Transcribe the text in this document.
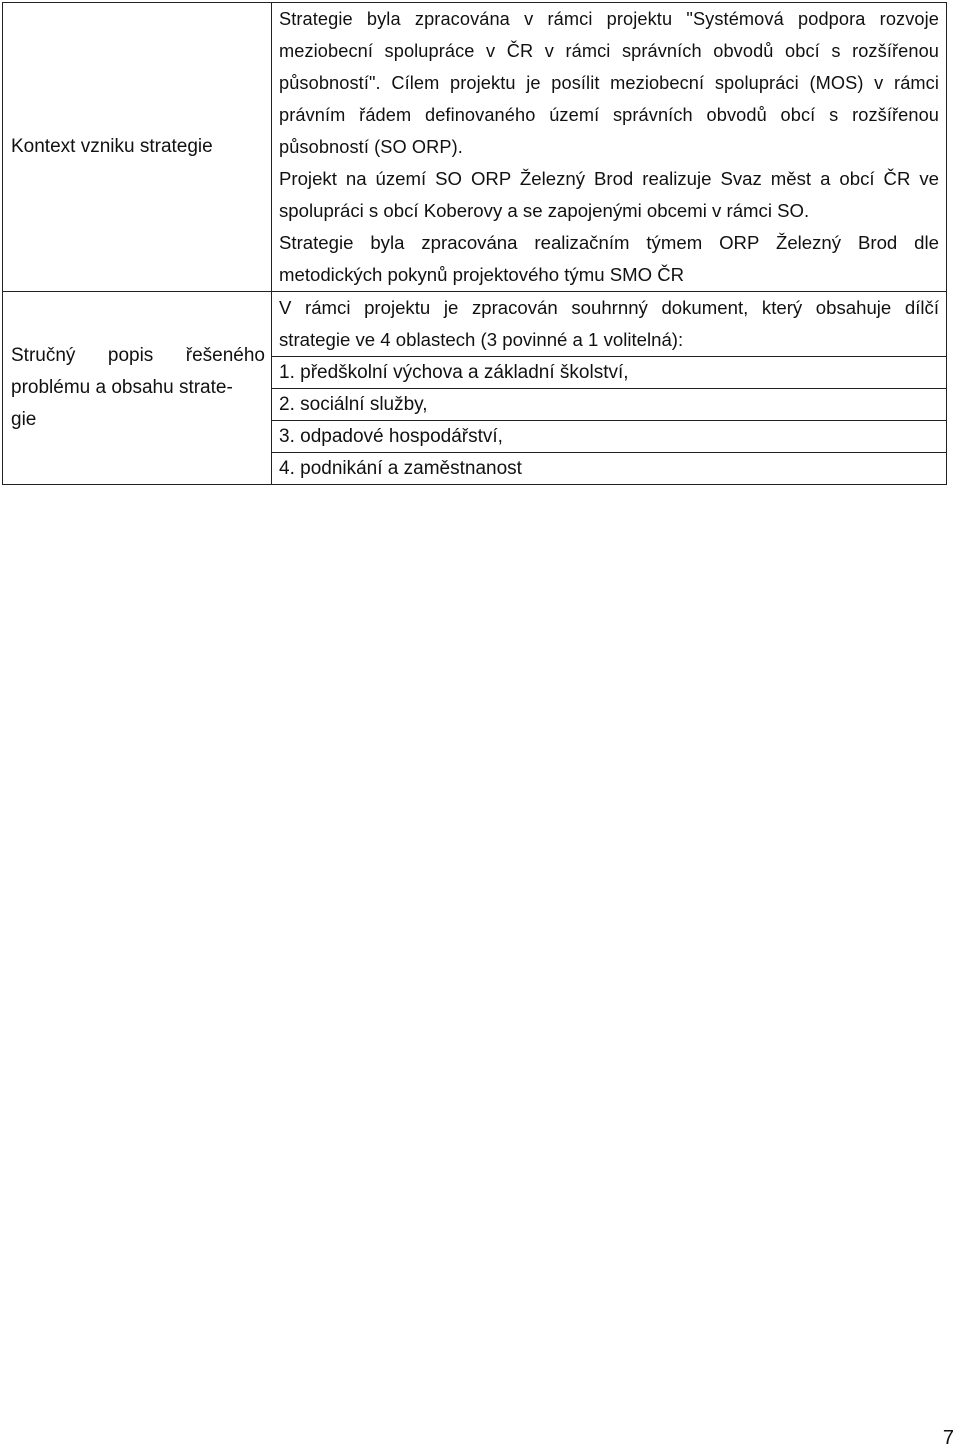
Kontext vzniku strategie	Strategie byla zpracována v rámci projektu "Systémová podpora rozvoje meziobecní spolupráce v ČR v rámci správních obvodů obcí s rozšířenou působností". Cílem projektu je posílit meziobecní spolupráci (MOS) v rámci právním řádem definovaného území správních obvodů obcí s rozšířenou působností (SO ORP).

Projekt na území SO ORP Železný Brod realizuje Svaz měst a obcí ČR ve spolupráci s obcí Koberovy a se zapojenými obcemi v rámci SO.

Strategie byla zpracována realizačním týmem ORP Železný Brod dle metodických pokynů projektového týmu SMO ČR

Stručný popis řešeného
problému a obsahu strate-
gie	V rámci projektu je zpracován souhrnný dokument, který obsahuje dílčí strategie ve 4 oblastech (3 povinné a 1 volitelná):

	1. předškolní výchova a základní školství,
	2. sociální služby,
	3. odpadové hospodářství,
	4. podnikání a zaměstnanost
7
